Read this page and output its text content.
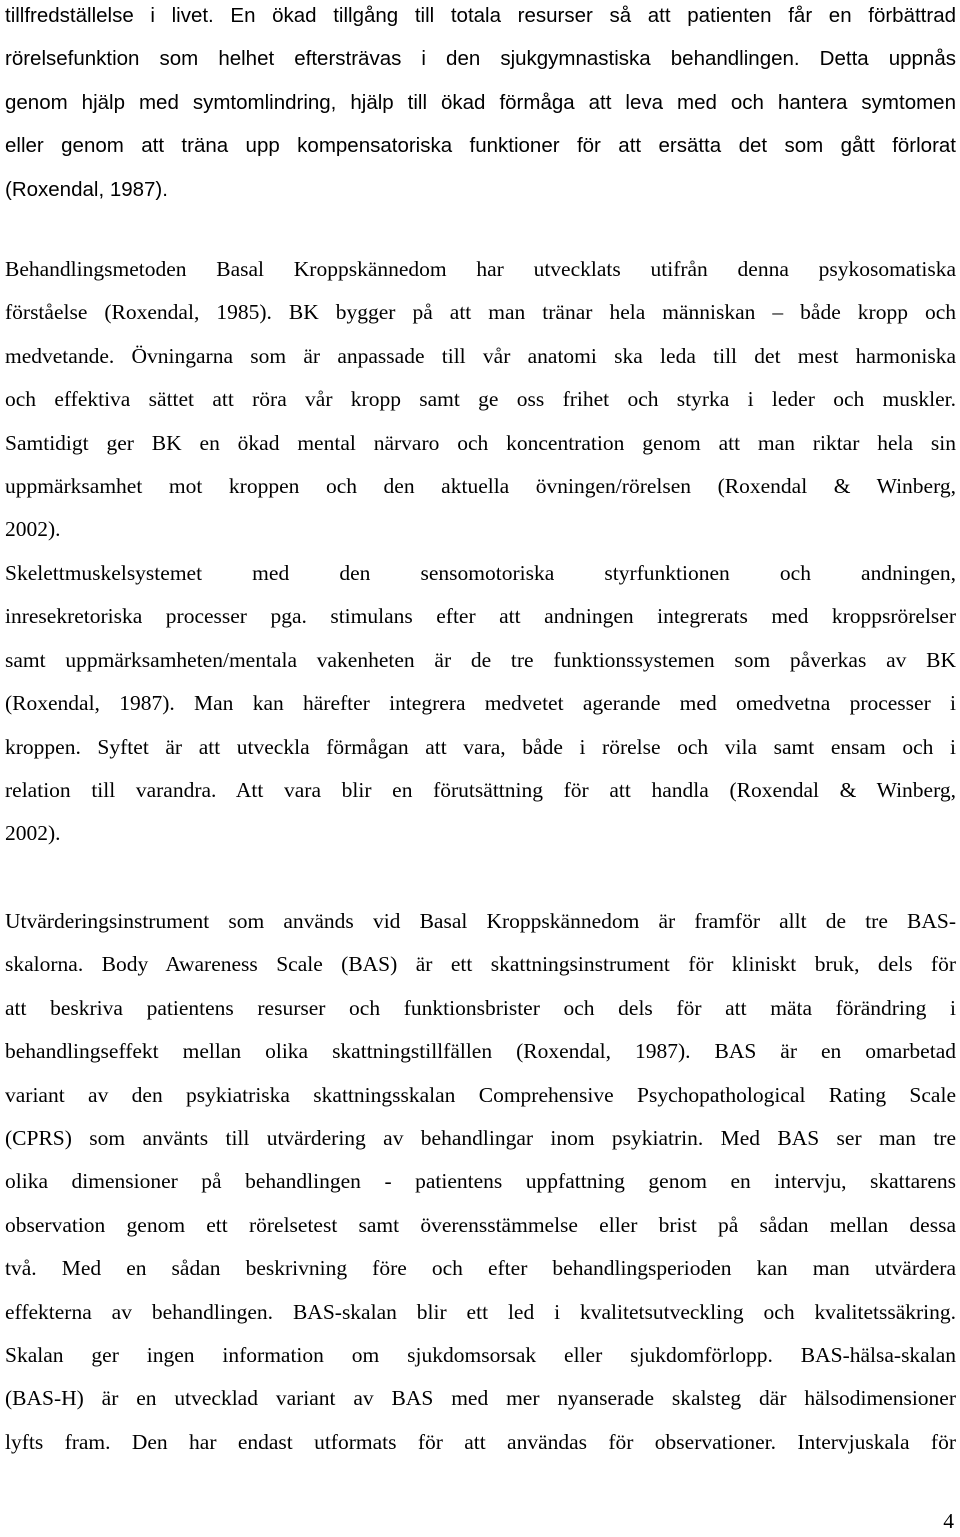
tillfredställelse i livet. En ökad tillgång till totala resurser så att patienten får en förbättrad
rörelsefunktion som helhet eftersträvas i den sjukgymnastiska behandlingen. Detta uppnås
genom hjälp med symtomlindring, hjälp till ökad förmåga att leva med och hantera symtomen
eller genom att träna upp kompensatoriska funktioner för att ersätta det som gått förlorat
(Roxendal, 1987).
Behandlingsmetoden Basal Kroppskännedom har utvecklats utifrån denna psykosomatiska
förståelse (Roxendal, 1985). BK bygger på att man tränar hela människan – både kropp och
medvetande. Övningarna som är anpassade till vår anatomi ska leda till det mest harmoniska
och effektiva sättet att röra vår kropp samt ge oss frihet och styrka i leder och muskler.
Samtidigt ger BK en ökad mental närvaro och koncentration genom att man riktar hela sin
uppmärksamhet mot kroppen och den aktuella övningen/rörelsen (Roxendal & Winberg,
2002).
Skelettmuskelsystemet med den sensomotoriska styrfunktionen och andningen,
inresekretoriska processer pga. stimulans efter att andningen integrerats med kroppsrörelser
samt uppmärksamheten/mentala vakenheten är de tre funktionssystemen som påverkas av BK
(Roxendal, 1987). Man kan härefter integrera medvetet agerande med omedvetna processer i
kroppen. Syftet är att utveckla förmågan att vara, både i rörelse och vila samt ensam och i
relation till varandra. Att vara blir en förutsättning för att handla (Roxendal & Winberg,
2002).
Utvärderingsinstrument som används vid Basal Kroppskännedom är framför allt de tre BAS-
skalorna. Body Awareness Scale (BAS) är ett skattningsinstrument för kliniskt bruk, dels för
att beskriva patientens resurser och funktionsbrister och dels för att mäta förändring i
behandlingseffekt mellan olika skattningstillfällen (Roxendal, 1987). BAS är en omarbetad
variant av den psykiatriska skattningsskalan Comprehensive Psychopathological Rating Scale
(CPRS) som använts till utvärdering av behandlingar inom psykiatrin. Med BAS ser man tre
olika dimensioner på behandlingen - patientens uppfattning genom en intervju, skattarens
observation genom ett rörelsetest samt överensstämmelse eller brist på sådan mellan dessa
två. Med en sådan beskrivning före och efter behandlingsperioden kan man utvärdera
effekterna av behandlingen. BAS-skalan blir ett led i kvalitetsutveckling och kvalitetssäkring.
Skalan ger ingen information om sjukdomsorsak eller sjukdomförlopp. BAS-hälsa-skalan
(BAS-H) är en utvecklad variant av BAS med mer nyanserade skalsteg där hälsodimensioner
lyfts fram. Den har endast utformats för att användas för observationer. Intervjuskala för
4
